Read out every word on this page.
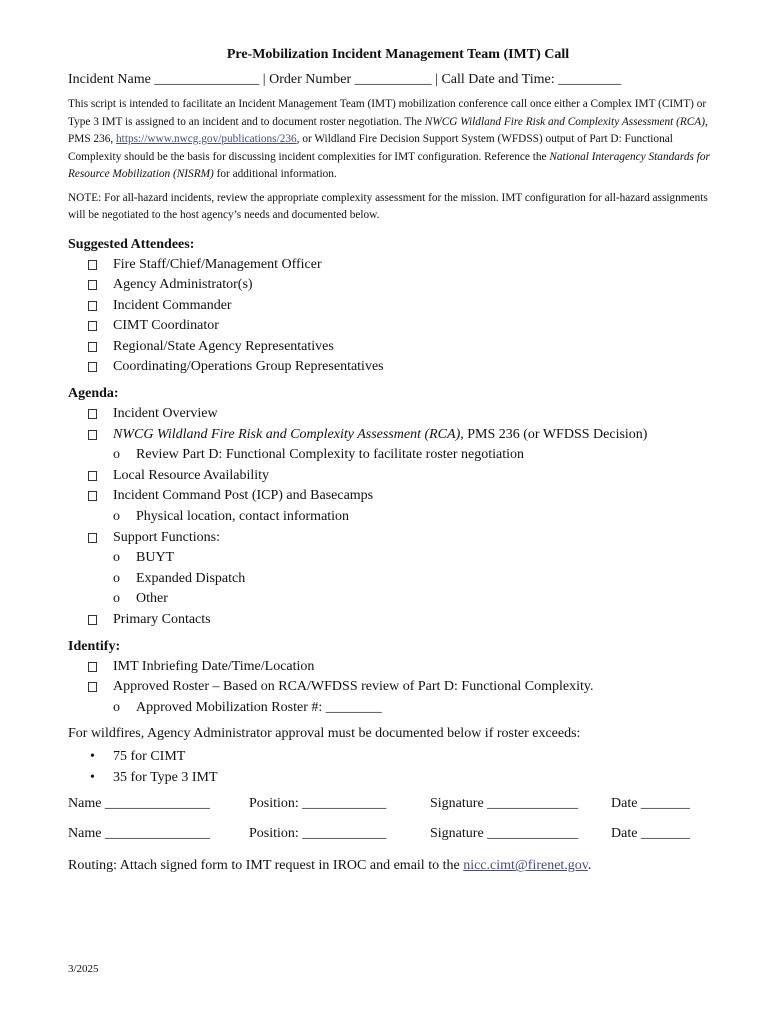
Pre-Mobilization Incident Management Team (IMT) Call
Incident Name _______________ | Order Number ___________ | Call Date and Time: _________

This script is intended to facilitate an Incident Management Team (IMT) mobilization conference call once either a Complex IMT (CIMT) or Type 3 IMT is assigned to an incident and to document roster negotiation. The NWCG Wildland Fire Risk and Complexity Assessment (RCA), PMS 236, https://www.nwcg.gov/publications/236, or Wildland Fire Decision Support System (WFDSS) output of Part D: Functional Complexity should be the basis for discussing incident complexities for IMT configuration. Reference the National Interagency Standards for Resource Mobilization (NISRM) for additional information.

NOTE: For all-hazard incidents, review the appropriate complexity assessment for the mission. IMT configuration for all-hazard assignments will be negotiated to the host agency’s needs and documented below.

Suggested Attendees:
Fire Staff/Chief/Management Officer
Agency Administrator(s)
Incident Commander
CIMT Coordinator
Regional/State Agency Representatives
Coordinating/Operations Group Representatives
Agenda:
Incident Overview
NWCG Wildland Fire Risk and Complexity Assessment (RCA), PMS 236 (or WFDSS Decision)
o Review Part D: Functional Complexity to facilitate roster negotiation
Local Resource Availability
Incident Command Post (ICP) and Basecamps
o Physical location, contact information
Support Functions:
o BUYT
o Expanded Dispatch
o Other
Primary Contacts
Identify:
IMT Inbriefing Date/Time/Location
Approved Roster – Based on RCA/WFDSS review of Part D: Functional Complexity.
o Approved Mobilization Roster #: ________

For wildfires, Agency Administrator approval must be documented below if roster exceeds:

• 75 for CIMT
• 35 for Type 3 IMT
Name _______________	Position: ____________	Signature _____________	Date _______
Name _______________	Position: ____________	Signature _____________	Date _______

Routing: Attach signed form to IMT request in IROC and email to the nicc.cimt@firenet.gov.

3/2025
